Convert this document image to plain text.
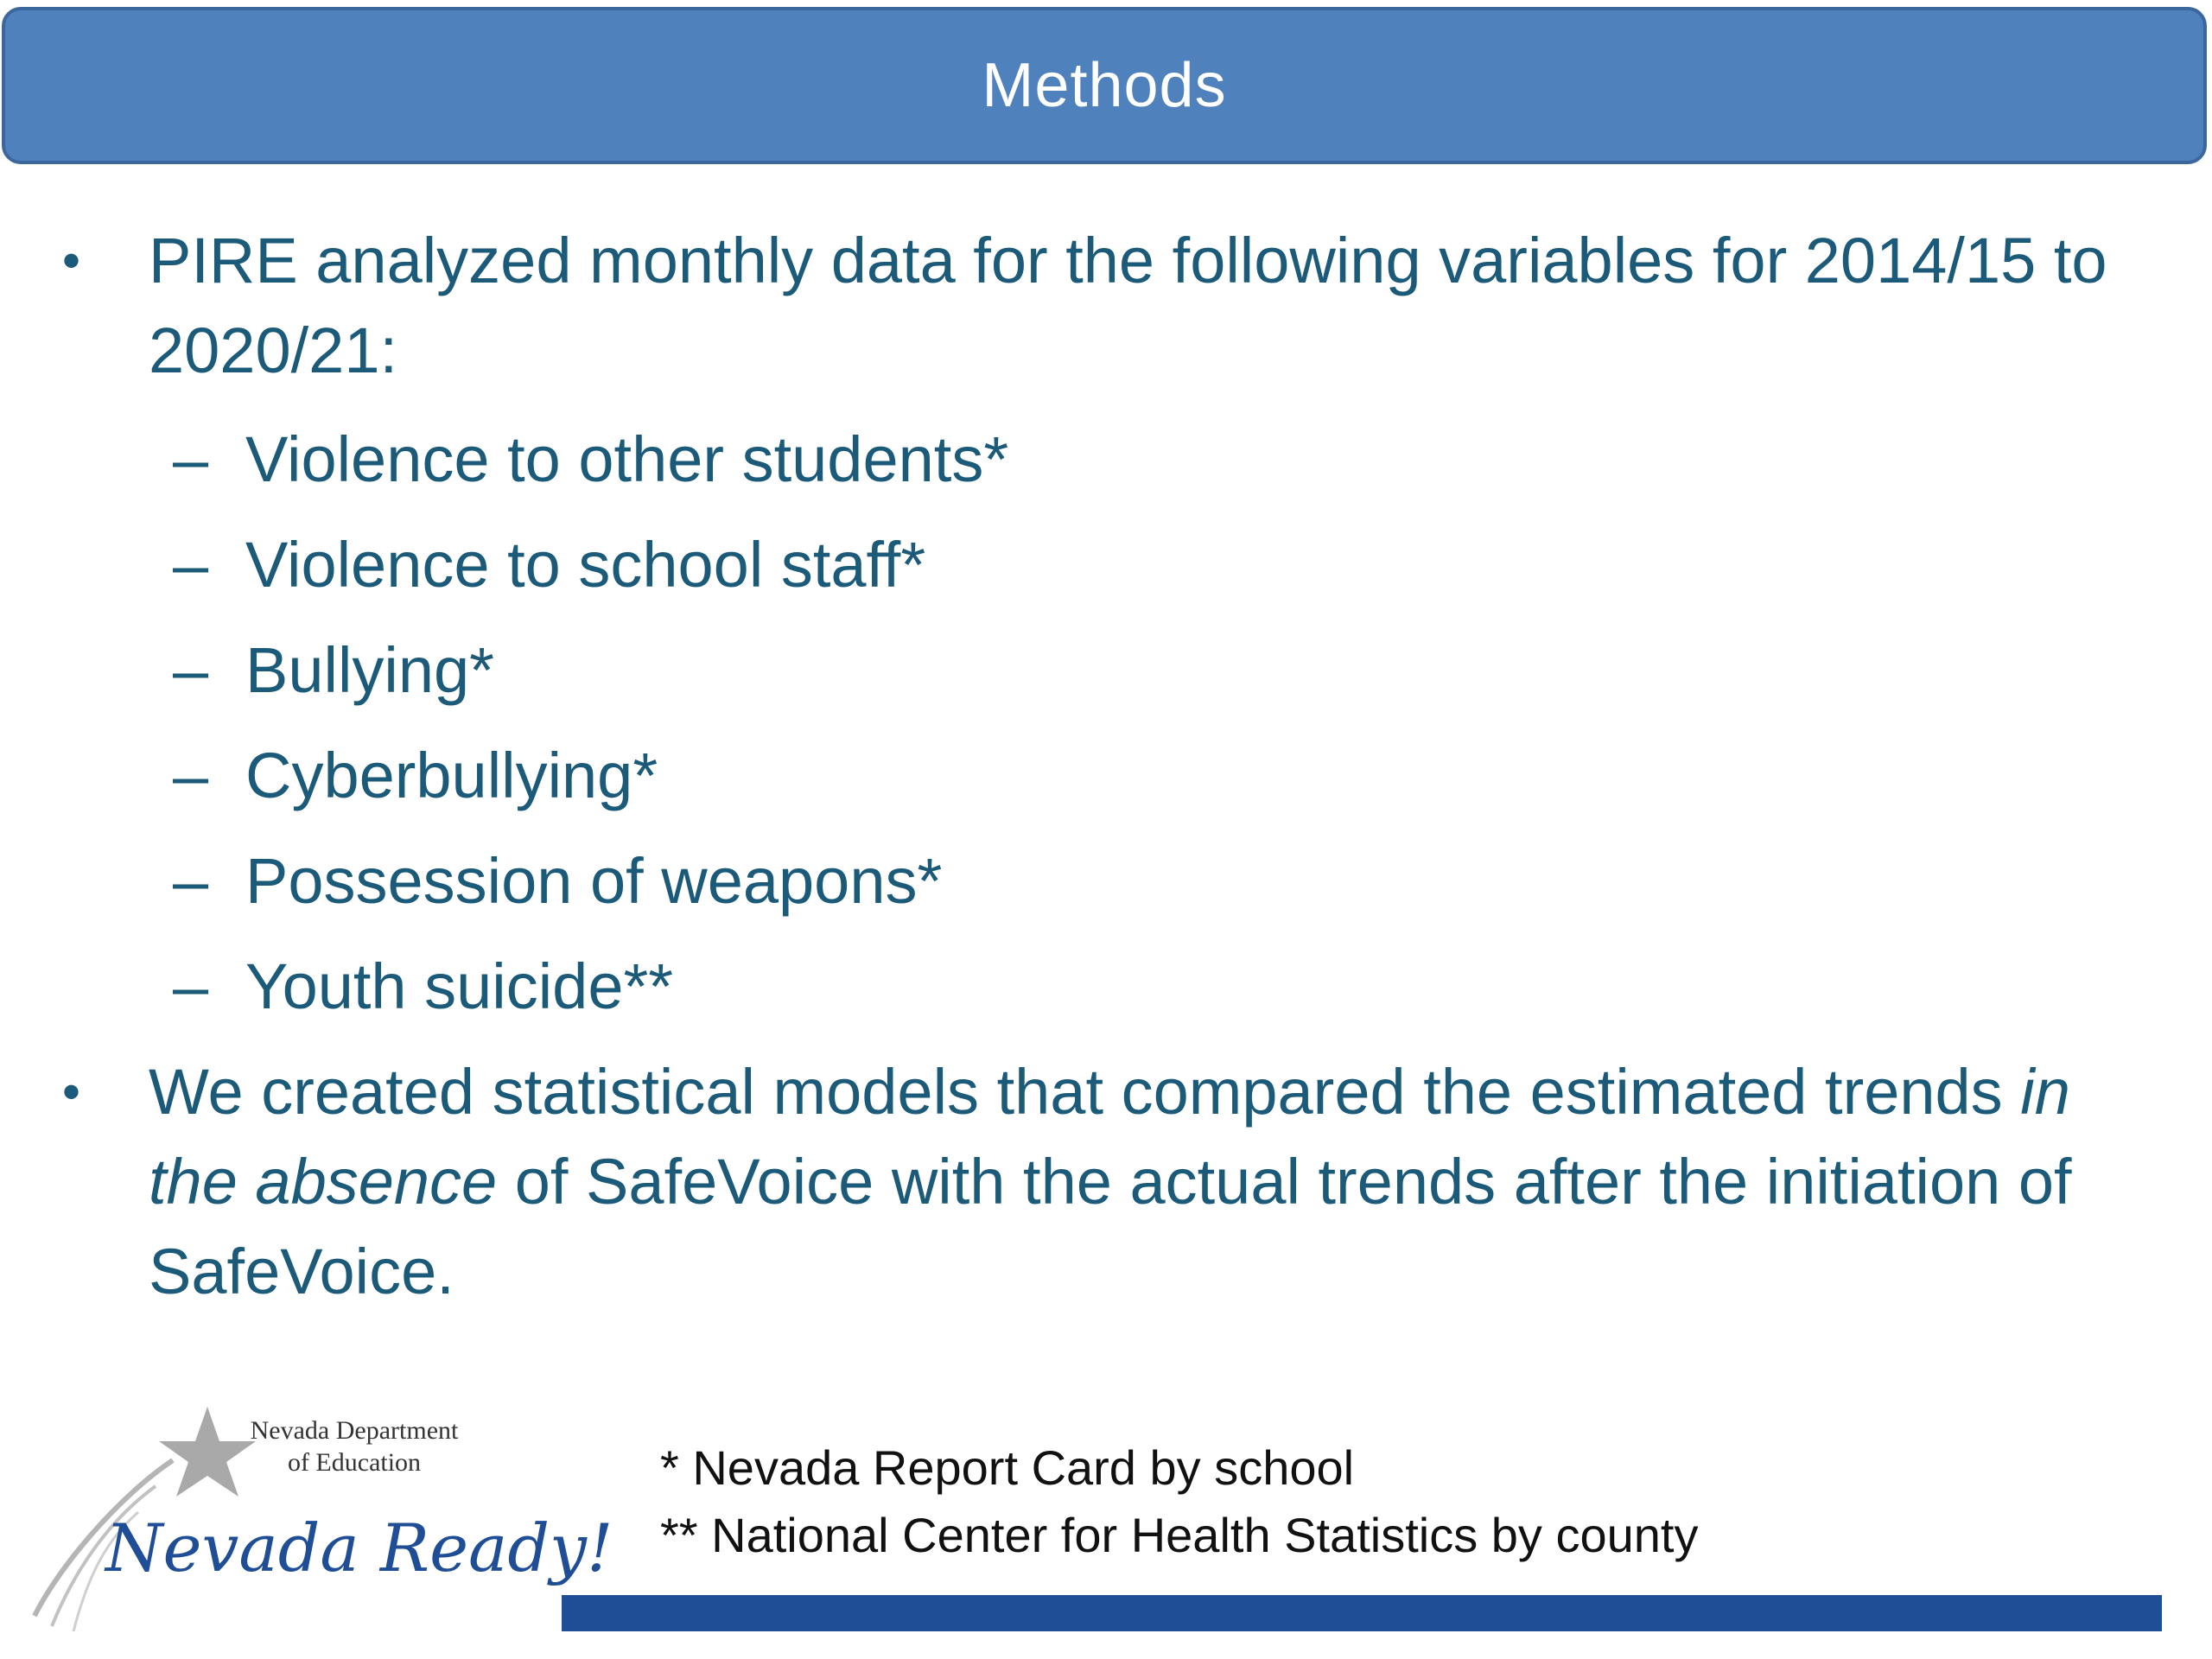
Methods
• PIRE analyzed monthly data for the following variables for 2014/15 to 2020/21:
– Violence to other students*
– Violence to school staff*
– Bullying*
– Cyberbullying*
– Possession of weapons*
– Youth suicide**
• We created statistical models that compared the estimated trends in the absence of SafeVoice with the actual trends after the initiation of SafeVoice.
Nevada Department
of Education
Nevada Ready!
* Nevada Report Card by school
** National Center for Health Statistics by county
